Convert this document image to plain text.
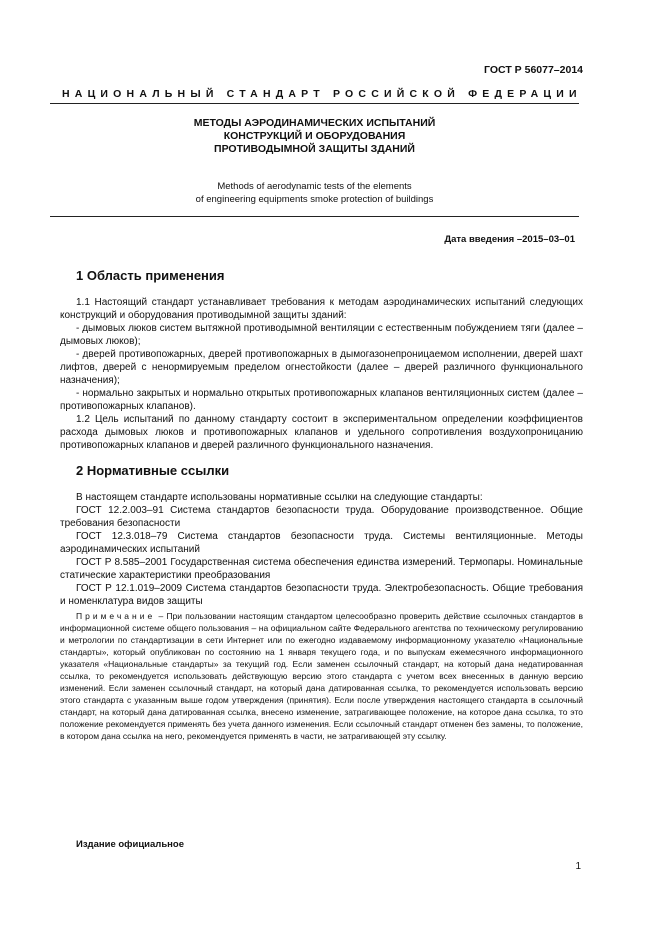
ГОСТ Р 56077–2014
НАЦИОНАЛЬНЫЙ СТАНДАРТ РОССИЙСКОЙ ФЕДЕРАЦИИ
МЕТОДЫ АЭРОДИНАМИЧЕСКИХ ИСПЫТАНИЙ
КОНСТРУКЦИЙ И ОБОРУДОВАНИЯ
ПРОТИВОДЫМНОЙ ЗАЩИТЫ ЗДАНИЙ
Methods of aerodynamic tests of the elements
of engineering equipments smoke protection of buildings
Дата введения –2015–03–01
1 Область применения

1.1 Настоящий стандарт устанавливает требования к методам аэродинамических испытаний следующих конструкций и оборудования противодымной защиты зданий:

- дымовых люков систем вытяжной противодымной вентиляции с естественным побуждением тяги (далее – дымовых люков);

- дверей противопожарных, дверей противопожарных в дымогазонепроницаемом исполнении, дверей шахт лифтов, дверей с ненормируемым пределом огнестойкости (далее – дверей различного функционального назначения);

- нормально закрытых и нормально открытых противопожарных клапанов вентиляционных систем (далее – противопожарных клапанов).

1.2 Цель испытаний по данному стандарту состоит в экспериментальном определении коэффициентов расхода дымовых люков и противопожарных клапанов и удельного сопротивления воздухопроницанию противопожарных клапанов и дверей различного функционального назначения.

2 Нормативные ссылки

В настоящем стандарте использованы нормативные ссылки на следующие стандарты:

ГОСТ 12.2.003–91 Система стандартов безопасности труда. Оборудование производственное. Общие требования безопасности

ГОСТ 12.3.018–79 Система стандартов безопасности труда. Системы вентиляционные. Методы аэродинамических испытаний

ГОСТ Р 8.585–2001 Государственная система обеспечения единства измерений. Термопары. Номинальные статические характеристики преобразования

ГОСТ Р 12.1.019–2009 Система стандартов безопасности труда. Электробезопасность. Общие требования и номенклатура видов защиты

Примечание – При пользовании настоящим стандартом целесообразно проверить действие ссылочных стандартов в информационной системе общего пользования – на официальном сайте Федерального агентства по техническому регулированию и метрологии по стандартизации в сети Интернет или по ежегодно издаваемому информационному указателю «Национальные стандарты», который опубликован по состоянию на 1 января текущего года, и по выпускам ежемесячного информационного указателя «Национальные стандарты» за текущий год. Если заменен ссылочный стандарт, на который дана недатированная ссылка, то рекомендуется использовать действующую версию этого стандарта с учетом всех внесенных в данную версию изменений. Если заменен ссылочный стандарт, на который дана датированная ссылка, то рекомендуется использовать версию этого стандарта с указанным выше годом утверждения (принятия). Если после утверждения настоящего стандарта в ссылочный стандарт, на который дана датированная ссылка, внесено изменение, затрагивающее положение, на которое дана ссылка, то это положение рекомендуется применять без учета данного изменения. Если ссылочный стандарт отменен без замены, то положение, в котором дана ссылка на него, рекомендуется применять в части, не затрагивающей эту ссылку.

Издание официальное
1
